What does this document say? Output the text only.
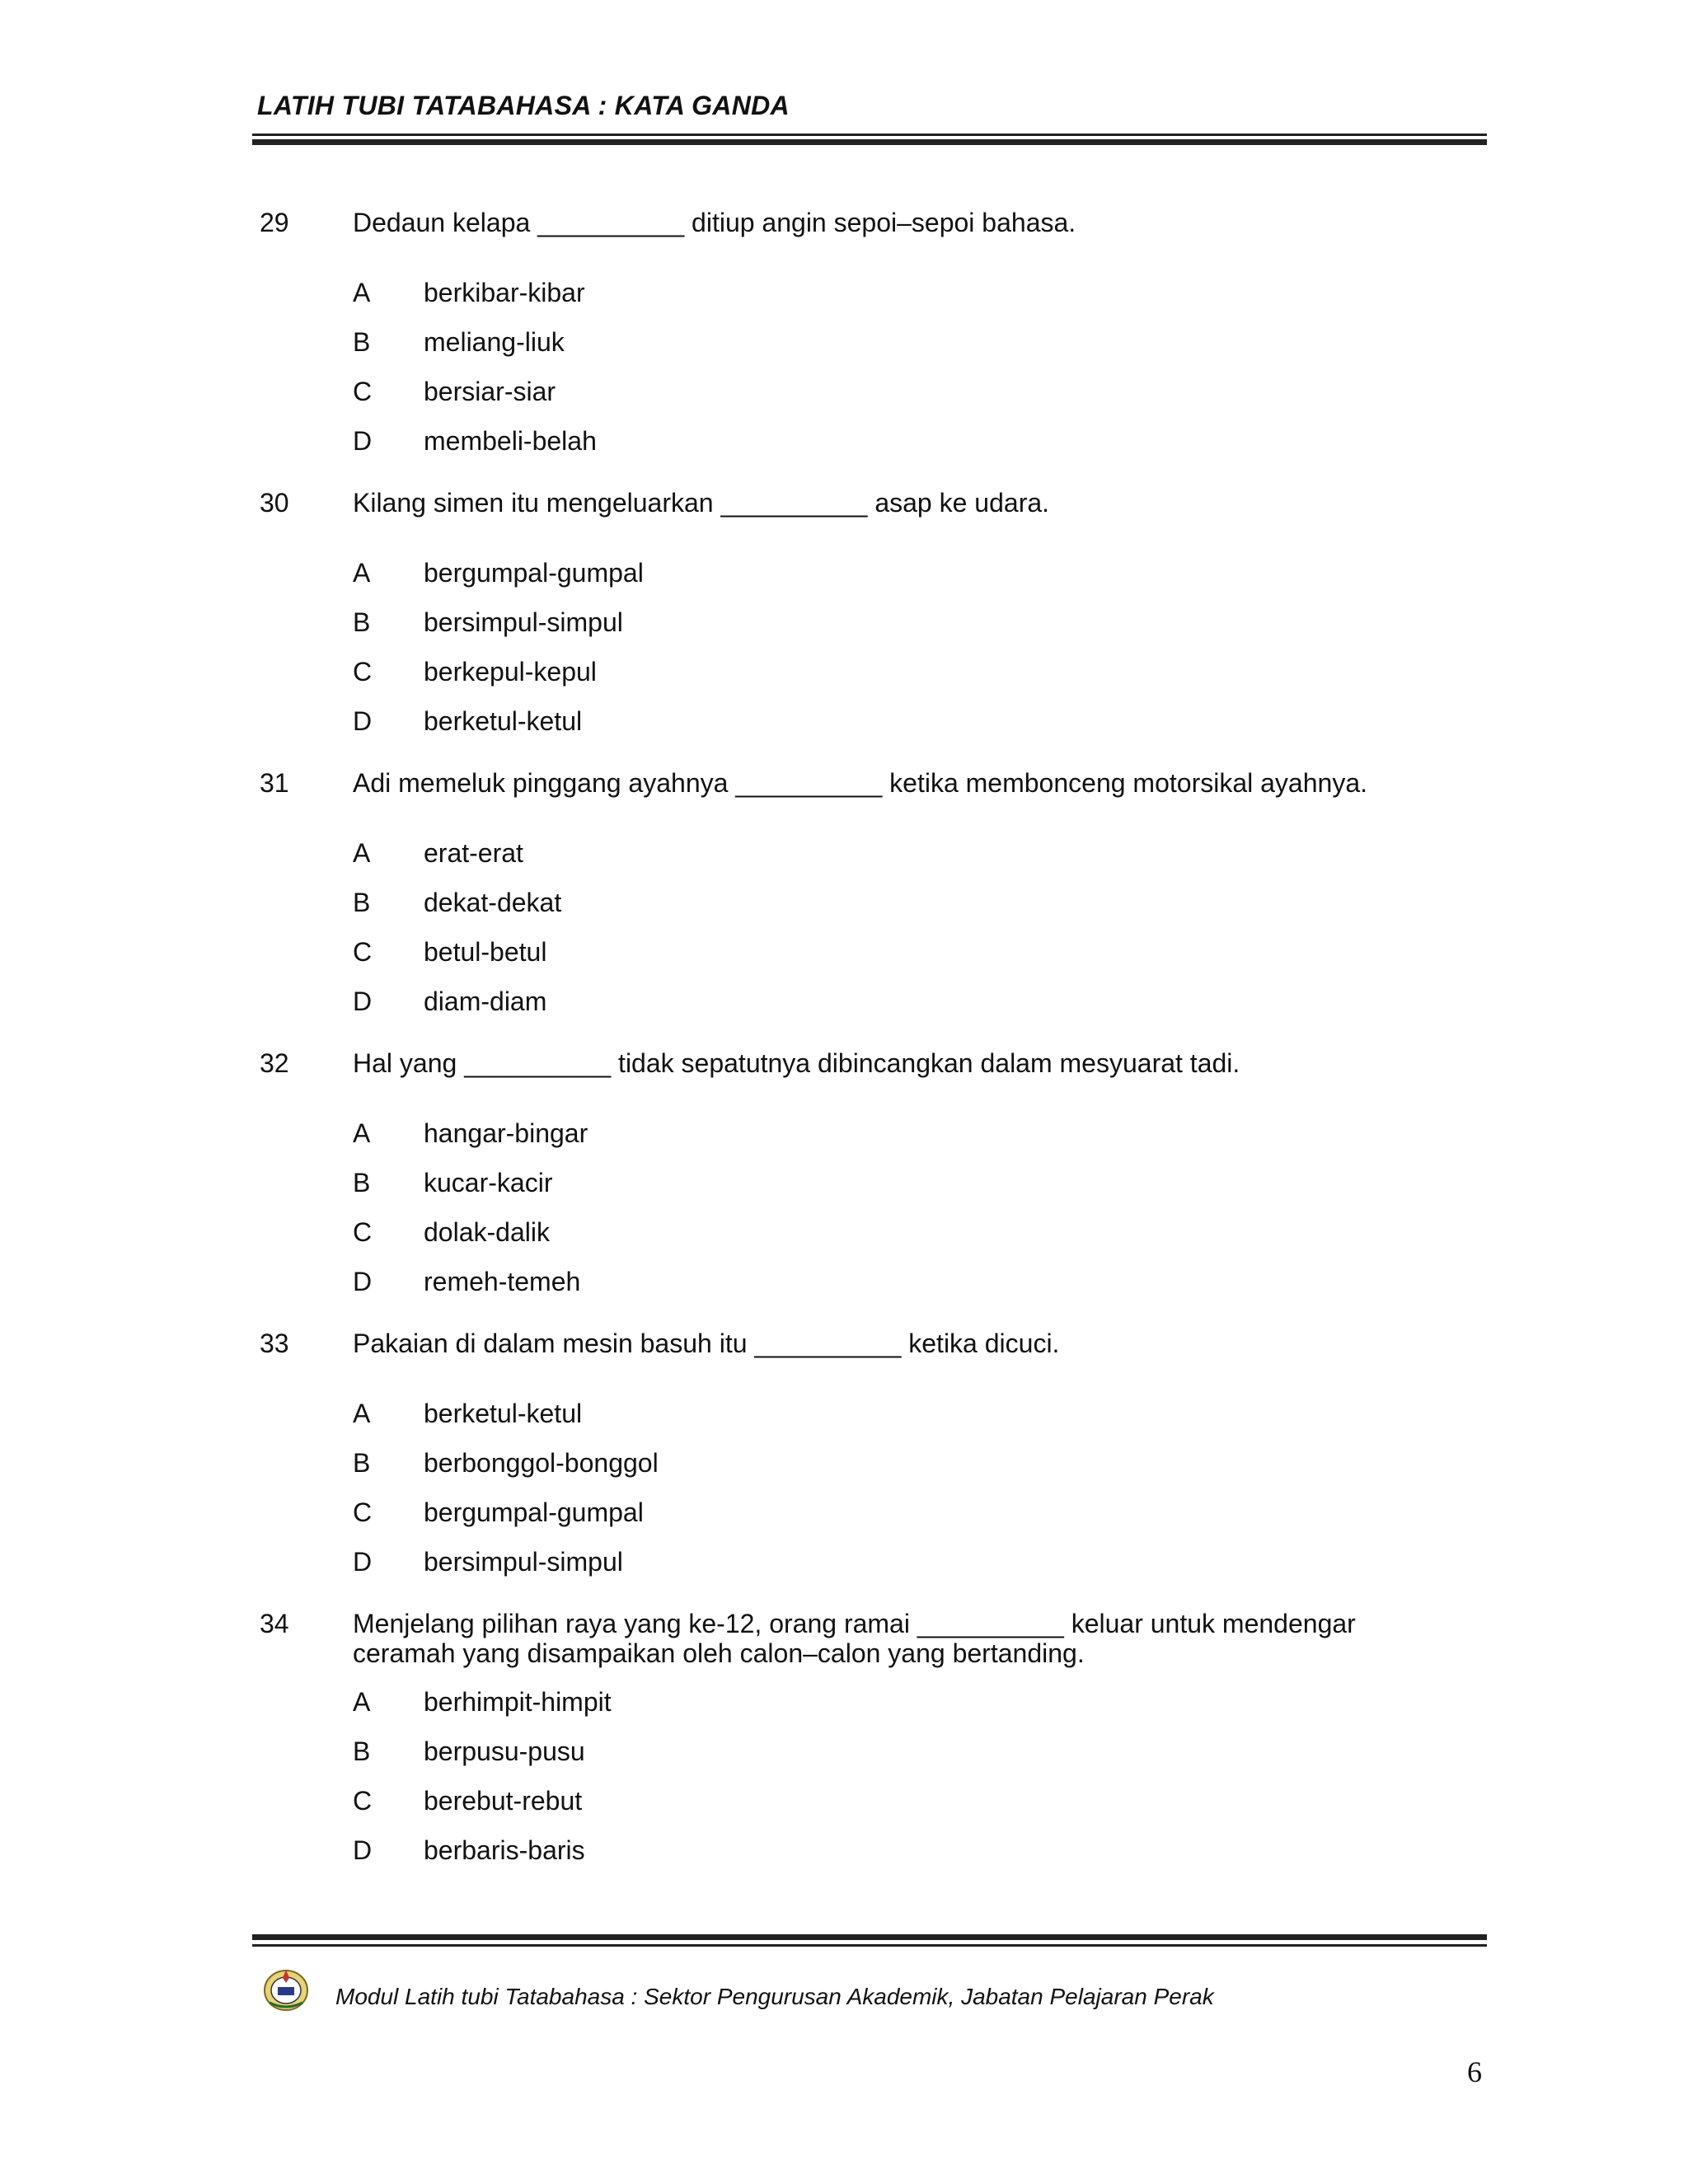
LATIH TUBI TATABAHASA : KATA GANDA
29 Dedaun kelapa __________ ditiup angin sepoi–sepoi bahasa.
A berkibar-kibar
B meliang-liuk
C bersiar-siar
D membeli-belah
30 Kilang simen itu mengeluarkan __________ asap ke udara.
A bergumpal-gumpal
B bersimpul-simpul
C berkepul-kepul
D berketul-ketul
31 Adi memeluk pinggang ayahnya __________ ketika membonceng motorsikal ayahnya.
A erat-erat
B dekat-dekat
C betul-betul
D diam-diam
32 Hal yang __________ tidak sepatutnya dibincangkan dalam mesyuarat tadi.
A hangar-bingar
B kucar-kacir
C dolak-dalik
D remeh-temeh
33 Pakaian di dalam mesin basuh itu __________ ketika dicuci.
A berketul-ketul
B berbonggol-bonggol
C bergumpal-gumpal
D bersimpul-simpul
34 Menjelang pilihan raya yang ke-12, orang ramai __________ keluar untuk mendengar
ceramah yang disampaikan oleh calon–calon yang bertanding.
A berhimpit-himpit
B berpusu-pusu
C berebut-rebut
D berbaris-baris
Modul Latih tubi Tatabahasa : Sektor Pengurusan Akademik, Jabatan Pelajaran Perak
6
